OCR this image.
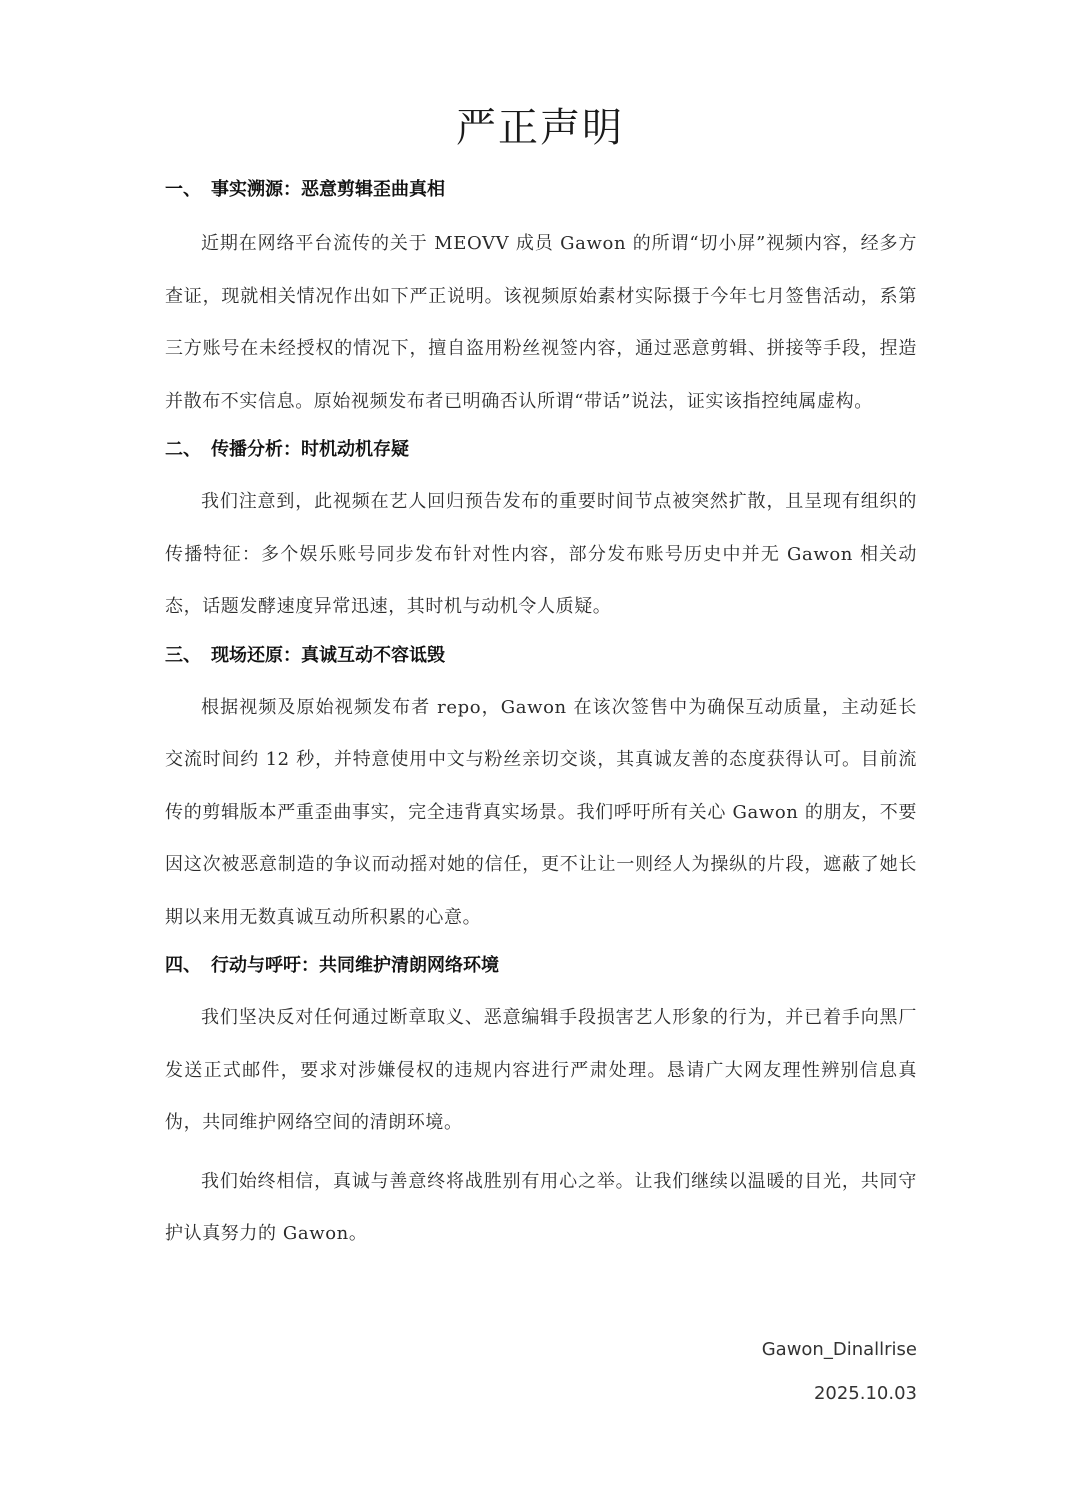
严正声明
一、 事实溯源：恶意剪辑歪曲真相

近期在网络平台流传的关于 MEOVV 成员 Gawon 的所谓“切小屏”视频内容，经多方查证，现就相关情况作出如下严正说明。该视频原始素材实际摄于今年七月签售活动，系第三方账号在未经授权的情况下，擅自盗用粉丝视签内容，通过恶意剪辑、拼接等手段，捏造并散布不实信息。原始视频发布者已明确否认所谓“带话”说法，证实该指控纯属虚构。

二、 传播分析：时机动机存疑

我们注意到，此视频在艺人回归预告发布的重要时间节点被突然扩散，且呈现有组织的传播特征：多个娱乐账号同步发布针对性内容，部分发布账号历史中并无 Gawon 相关动态，话题发酵速度异常迅速，其时机与动机令人质疑。

三、 现场还原：真诚互动不容诋毁

根据视频及原始视频发布者 repo，Gawon 在该次签售中为确保互动质量，主动延长交流时间约 12 秒，并特意使用中文与粉丝亲切交谈，其真诚友善的态度获得认可。目前流传的剪辑版本严重歪曲事实，完全违背真实场景。我们呼吁所有关心 Gawon 的朋友，不要因这次被恶意制造的争议而动摇对她的信任，更不让让一则经人为操纵的片段，遮蔽了她长期以来用无数真诚互动所积累的心意。

四、 行动与呼吁：共同维护清朗网络环境

我们坚决反对任何通过断章取义、恶意编辑手段损害艺人形象的行为，并已着手向黑厂发送正式邮件，要求对涉嫌侵权的违规内容进行严肃处理。恳请广大网友理性辨别信息真伪，共同维护网络空间的清朗环境。

我们始终相信，真诚与善意终将战胜别有用心之举。让我们继续以温暖的目光，共同守护认真努力的 Gawon。

Gawon_Dinallrise
2025.10.03
